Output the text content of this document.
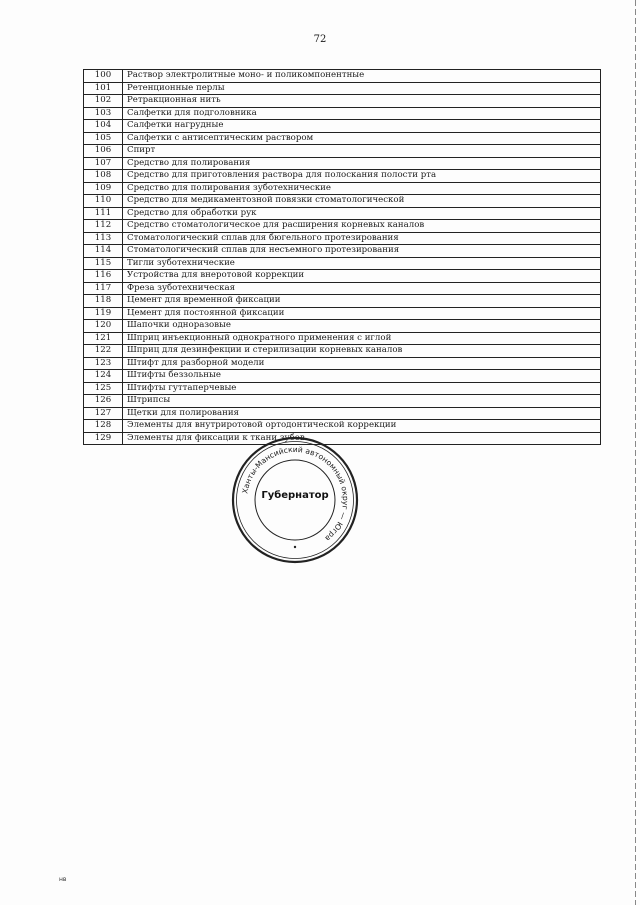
72
100	Раствор электролитные моно- и поликомпонентные
101	Ретенционные перлы
102	Ретракционная нить
103	Салфетки для подголовника
104	Салфетки нагрудные
105	Салфетки с антисептическим раствором
106	Спирт
107	Средство для полирования
108	Средство для приготовления раствора для полоскания полости рта
109	Средство для полирования зуботехнические
110	Средство для медикаментозной повязки стоматологической
111	Средство для обработки рук
112	Средство стоматологическое для расширения корневых каналов
113	Стоматологический сплав для бюгельного протезирования
114	Стоматологический сплав для несъемного протезирования
115	Тигли зуботехнические
116	Устройства для внеротовой коррекции
117	Фреза зуботехническая
118	Цемент для временной фиксации
119	Цемент для постоянной фиксации
120	Шапочки одноразовые
121	Шприц инъекционный однократного применения с иглой
122	Шприц для дезинфекции и стерилизации корневых каналов
123	Штифт для разборной модели
124	Штифты беззольные
125	Штифты гуттаперчевые
126	Штрипсы
127	Щетки для полирования
128	Элементы для внутриротовой ортодонтической коррекции
129	Элементы для фиксации к ткани зубов
Ханты-Мансийский автономный округ — Югра
Губернатор
нв
